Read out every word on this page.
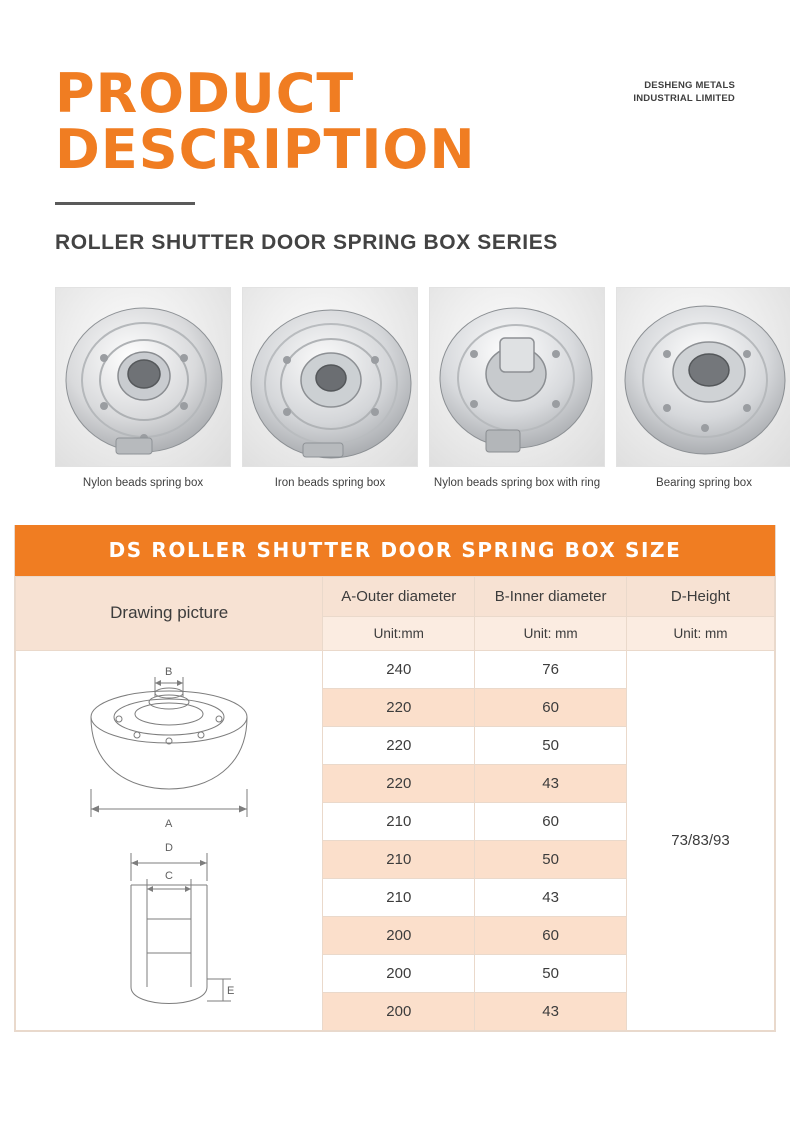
DESHENG METALS
INDUSTRIAL LIMITED
PRODUCT
DESCRIPTION
ROLLER SHUTTER DOOR SPRING BOX SERIES
Nylon beads spring box	Iron beads spring box	Nylon beads spring box with ring	Bearing spring box
DS ROLLER SHUTTER DOOR SPRING BOX SIZE
Drawing picture	A-Outer diameter	B-Inner diameter	D-Height
	Unit:mm	Unit: mm	Unit: mm

B
A
D
C
E	240	76	73/83/93
	220	60	
	220	50	
	220	43	
	210	60	
	210	50	
	210	43	
	200	60	
	200	50	
	200	43	
